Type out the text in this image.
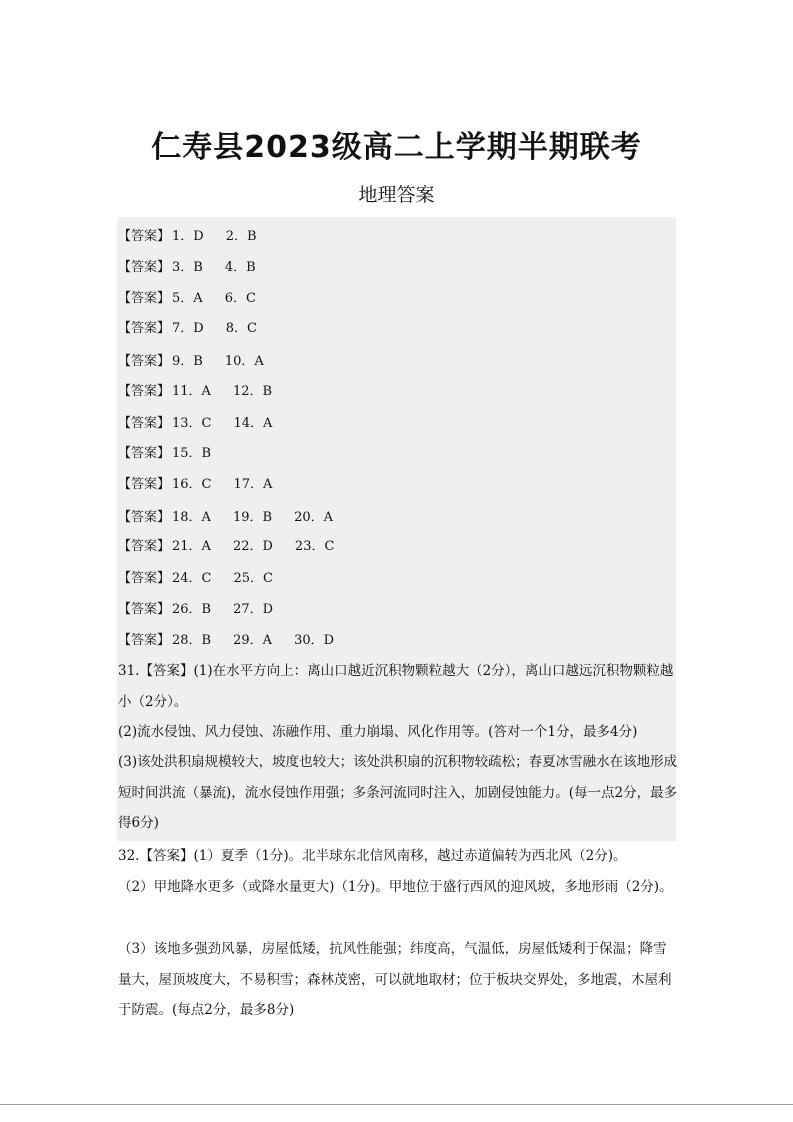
仁寿县2023级高二上学期半期联考
地理答案
【答案】 1．D 2．B
【答案】 3．B 4．B
【答案】 5．A 6．C
【答案】 7．D 8．C
【答案】 9．B 10．A
【答案】 11．A 12．B
【答案】 13．C 14．A
【答案】 15．B
【答案】 16．C 17．A
【答案】 18．A 19．B 20．A
【答案】 21．A 22．D 23．C
【答案】 24．C 25．C
【答案】 26．B 27．D
【答案】 28．B 29．A 30．D
31.【答案】(1)在水平方向上：离山口越近沉积物颗粒越大（2分），离山口越远沉积物颗粒越小（2分）。
(2)流水侵蚀、风力侵蚀、冻融作用、重力崩塌、风化作用等。(答对一个1分，最多4分)
(3)该处洪积扇规模较大，坡度也较大；该处洪积扇的沉积物较疏松；春夏冰雪融水在该地形成短时间洪流（暴流)，流水侵蚀作用强；多条河流同时注入，加剧侵蚀能力。(每一点2分，最多得6分)
32.【答案】(1）夏季（1分)。北半球东北信风南移，越过赤道偏转为西北风（2分)。
（2）甲地降水更多（或降水量更大)（1分)。甲地位于盛行西风的迎风坡，多地形雨（2分)。
（3）该地多强劲风暴，房屋低矮，抗风性能强；纬度高，气温低，房屋低矮利于保温；降雪量大，屋顶坡度大，不易积雪；森林茂密，可以就地取材；位于板块交界处，多地震，木屋利于防震。(每点2分，最多8分)
